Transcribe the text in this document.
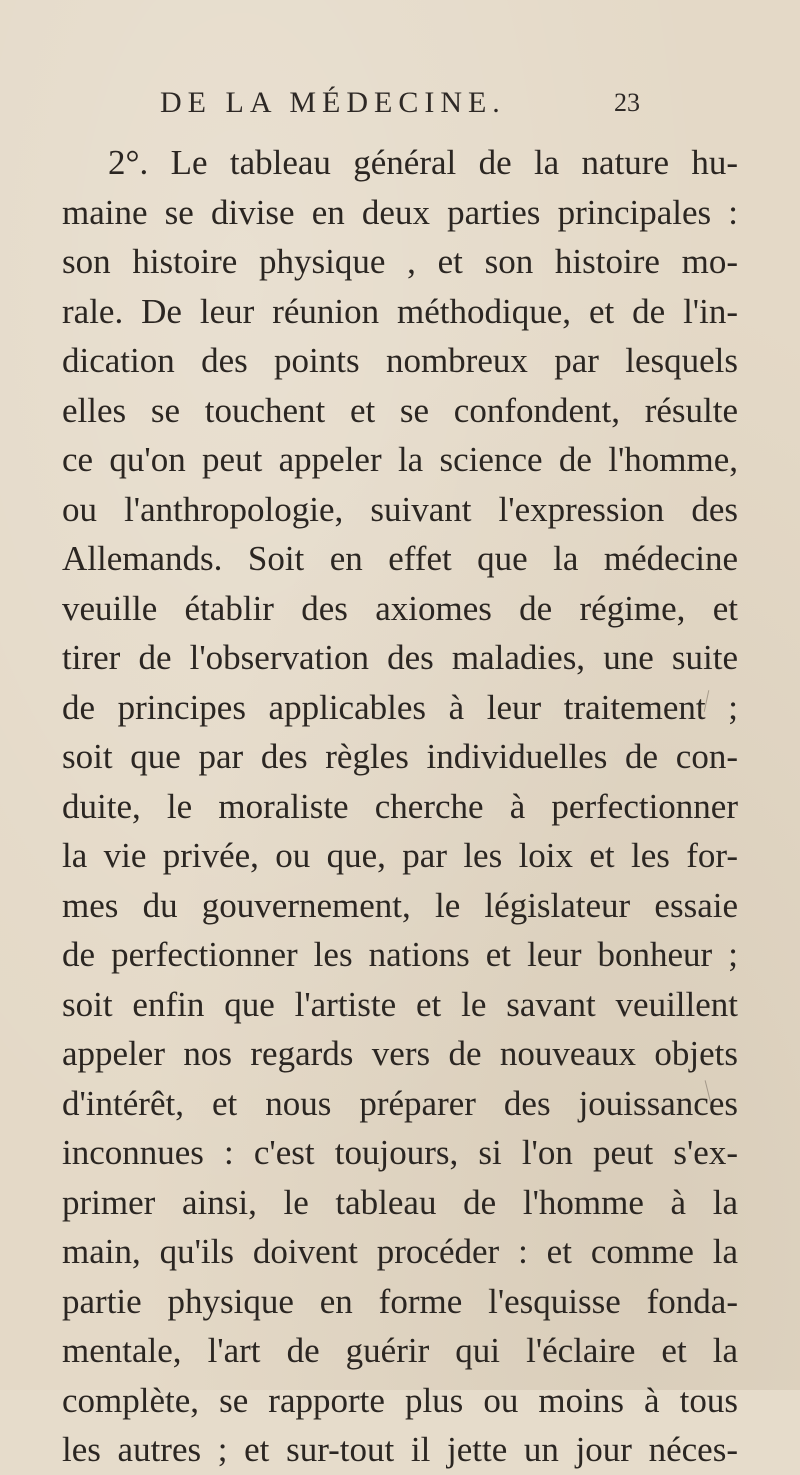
DE LA MÉDECINE.	23
2°. Le tableau général de la nature hu-
maine se divise en deux parties principales :
son histoire physique , et son histoire mo-
rale. De leur réunion méthodique, et de l'in-
dication des points nombreux par lesquels
elles se touchent et se confondent, résulte
ce qu'on peut appeler la science de l'homme,
ou l'anthropologie, suivant l'expression des
Allemands. Soit en effet que la médecine
veuille établir des axiomes de régime, et
tirer de l'observation des maladies, une suite
de principes applicables à leur traitement ;
soit que par des règles individuelles de con-
duite, le moraliste cherche à perfectionner
la vie privée, ou que, par les loix et les for-
mes du gouvernement, le législateur essaie
de perfectionner les nations et leur bonheur ;
soit enfin que l'artiste et le savant veuillent
appeler nos regards vers de nouveaux objets
d'intérêt, et nous préparer des jouissances
inconnues : c'est toujours, si l'on peut s'ex-
primer ainsi, le tableau de l'homme à la
main, qu'ils doivent procéder : et comme la
partie physique en forme l'esquisse fonda-
mentale, l'art de guérir qui l'éclaire et la
complète, se rapporte plus ou moins à tous
les autres ; et sur-tout il jette un jour néces-
